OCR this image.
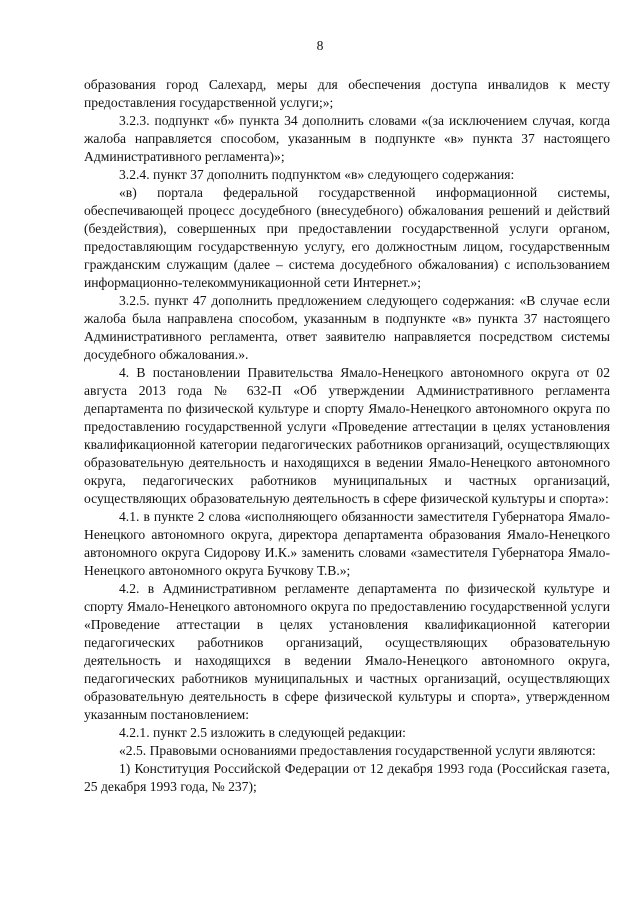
8

образования город Салехард, меры для обеспечения доступа инвалидов к месту предоставления государственной услуги;»;

3.2.3. подпункт «б» пункта 34 дополнить словами «(за исключением случая, когда жалоба направляется способом, указанным в подпункте «в» пункта 37 настоящего Административного регламента)»;

3.2.4. пункт 37 дополнить подпунктом «в» следующего содержания:

«в) портала федеральной государственной информационной системы, обеспечивающей процесс досудебного (внесудебного) обжалования решений и действий (бездействия), совершенных при предоставлении государственной услуги органом, предоставляющим государственную услугу, его должностным лицом, государственным гражданским служащим (далее – система досудебного обжалования) с использованием информационно-телекоммуникационной сети Интернет.»;

3.2.5. пункт 47 дополнить предложением следующего содержания: «В случае если жалоба была направлена способом, указанным в подпункте «в» пункта 37 настоящего Административного регламента, ответ заявителю направляется посредством системы досудебного обжалования.».

4. В постановлении Правительства Ямало-Ненецкого автономного округа от 02 августа 2013 года № 632-П «Об утверждении Административного регламента департамента по физической культуре и спорту Ямало-Ненецкого автономного округа по предоставлению государственной услуги «Проведение аттестации в целях установления квалификационной категории педагогических работников организаций, осуществляющих образовательную деятельность и находящихся в ведении Ямало-Ненецкого автономного округа, педагогических работников муниципальных и частных организаций, осуществляющих образовательную деятельность в сфере физической культуры и спорта»:

4.1. в пункте 2 слова «исполняющего обязанности заместителя Губернатора Ямало-Ненецкого автономного округа, директора департамента образования Ямало-Ненецкого автономного округа Сидорову И.К.» заменить словами «заместителя Губернатора Ямало-Ненецкого автономного округа Бучкову Т.В.»;

4.2. в Административном регламенте департамента по физической культуре и спорту Ямало-Ненецкого автономного округа по предоставлению государственной услуги «Проведение аттестации в целях установления квалификационной категории педагогических работников организаций, осуществляющих образовательную деятельность и находящихся в ведении Ямало-Ненецкого автономного округа, педагогических работников муниципальных и частных организаций, осуществляющих образовательную деятельность в сфере физической культуры и спорта», утвержденном указанным постановлением:

4.2.1. пункт 2.5 изложить в следующей редакции:

«2.5. Правовыми основаниями предоставления государственной услуги являются:

1) Конституция Российской Федерации от 12 декабря 1993 года (Российская газета, 25 декабря 1993 года, № 237);
